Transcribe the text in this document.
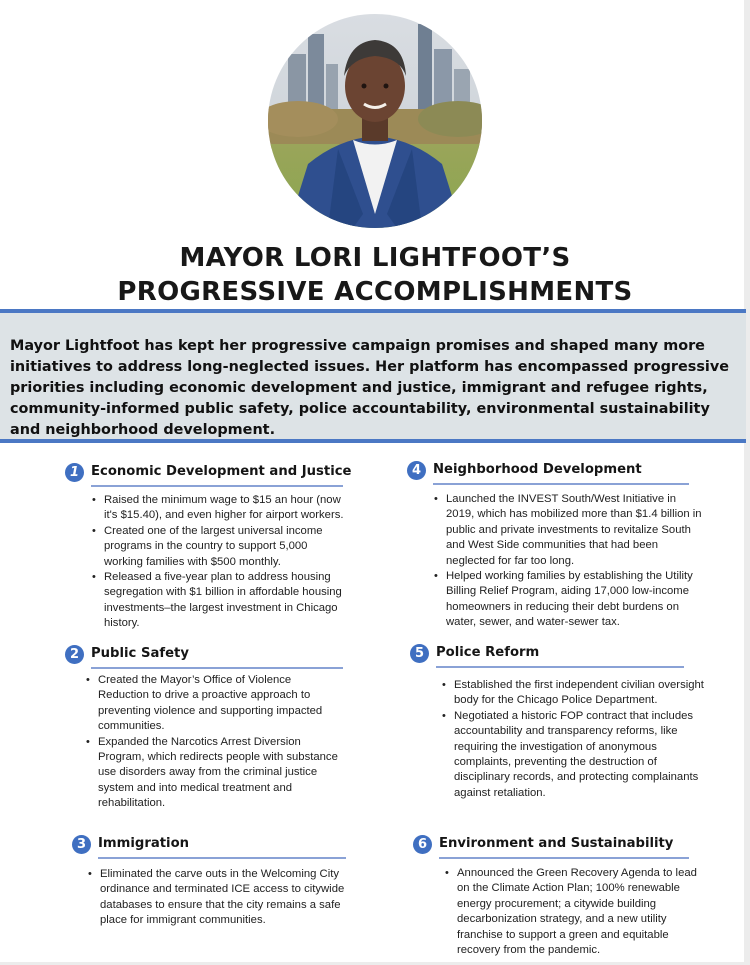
MAYOR LORI LIGHTFOOT’S
PROGRESSIVE ACCOMPLISHMENTS

Mayor Lightfoot has kept her progressive campaign promises and shaped many more initiatives to address long-neglected issues. Her platform has encompassed progressive priorities including economic development and justice, immigrant and refugee rights, community-informed public safety, police accountability, environmental sustainability and neighborhood development.

1 Economic Development and Justice
• Raised the minimum wage to $15 an hour (now it's $15.40), and even higher for airport workers.
• Created one of the largest universal income programs in the country to support 5,000 working families with $500 monthly.
• Released a five-year plan to address housing segregation with $1 billion in affordable housing investments–the largest investment in Chicago history.
2 Public Safety
• Created the Mayor’s Office of Violence Reduction to drive a proactive approach to preventing violence and supporting impacted communities.
• Expanded the Narcotics Arrest Diversion Program, which redirects people with substance use disorders away from the criminal justice system and into medical treatment and rehabilitation.
3 Immigration
• Eliminated the carve outs in the Welcoming City ordinance and terminated ICE access to citywide databases to ensure that the city remains a safe place for immigrant communities.
4 Neighborhood Development
• Launched the INVEST South/West Initiative in 2019, which has mobilized more than $1.4 billion in public and private investments to revitalize South and West Side communities that had been neglected for far too long.
• Helped working families by establishing the Utility Billing Relief Program, aiding 17,000 low-income homeowners in reducing their debt burdens on water, sewer, and water-sewer tax.
5 Police Reform
• Established the first independent civilian oversight body for the Chicago Police Department.
• Negotiated a historic FOP contract that includes accountability and transparency reforms, like requiring the investigation of anonymous complaints, preventing the destruction of disciplinary records, and protecting complainants against retaliation.
6 Environment and Sustainability
• Announced the Green Recovery Agenda to lead on the Climate Action Plan; 100% renewable energy procurement; a citywide building decarbonization strategy, and a new utility franchise to support a green and equitable recovery from the pandemic.
